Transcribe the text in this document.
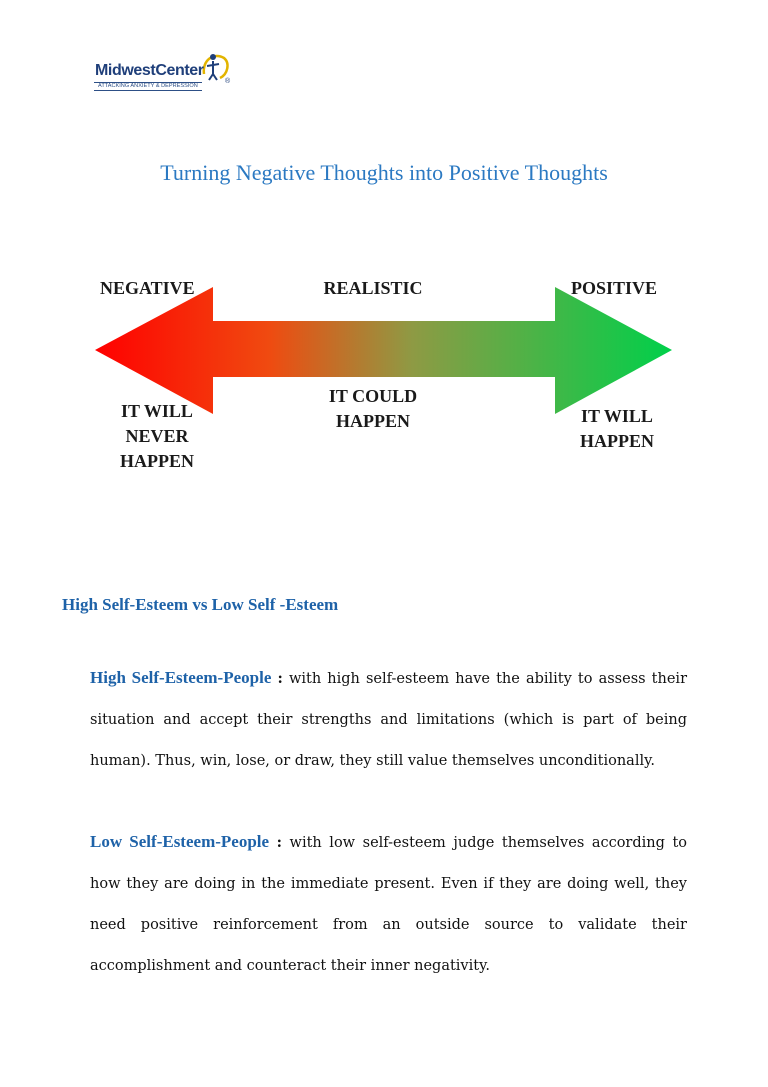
MidwestCenter
®
ATTACKING ANXIETY & DEPRESSION
Turning Negative Thoughts into Positive Thoughts
NEGATIVE	REALISTIC	POSITIVE
IT WILL
NEVER
HAPPEN
IT COULD
HAPPEN	IT WILL
HAPPEN
High Self-Esteem vs Low Self -Esteem
High Self-Esteem-People : with high self-esteem have the ability to assess their situation and accept their strengths and limitations (which is part of being human). Thus, win, lose, or draw, they still value themselves unconditionally.
Low Self-Esteem-People : with low self-esteem judge themselves according to how they are doing in the immediate present. Even if they are doing well, they need positive reinforcement from an outside source to validate their accomplishment and counteract their inner negativity.
